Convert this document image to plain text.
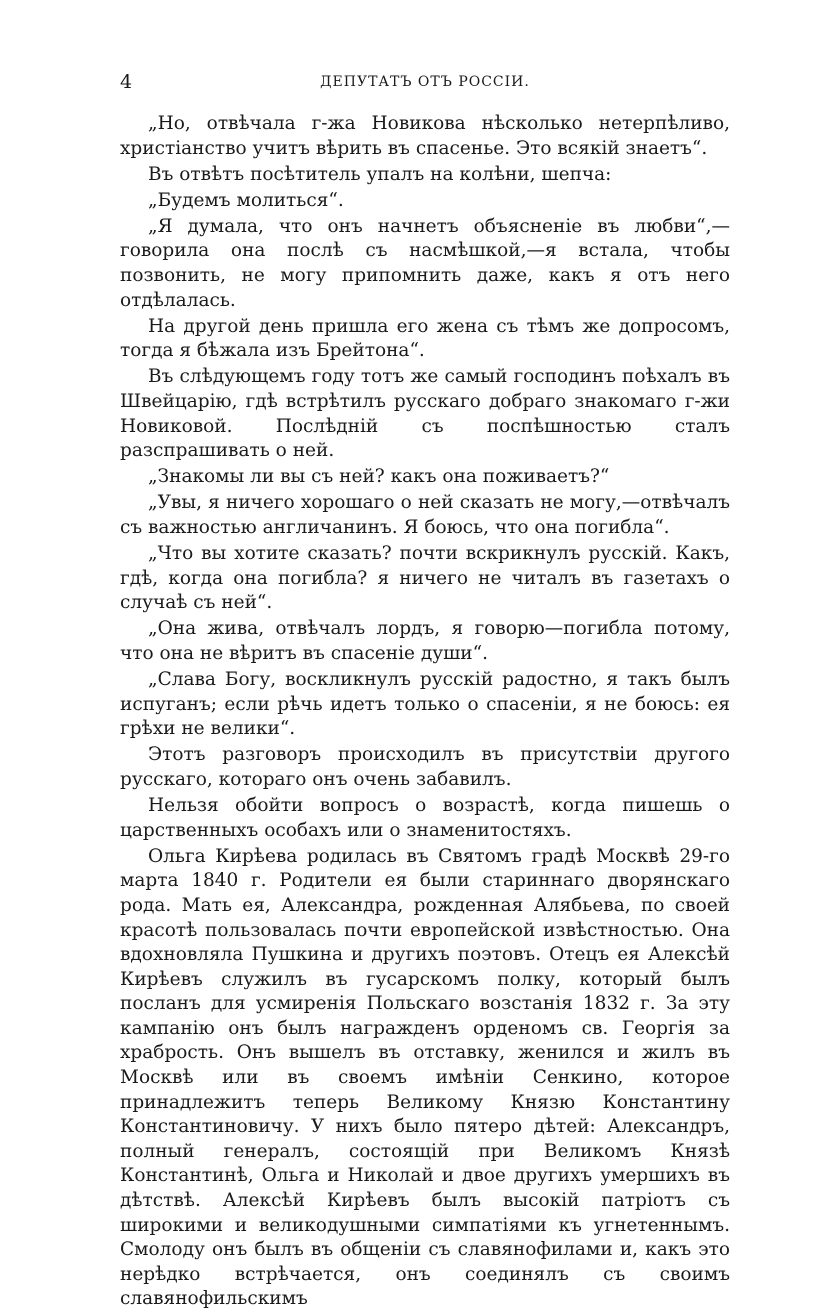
4	ДЕПУТАТЪ ОТЪ РОССІИ.

„Но, отвѣчала г-жа Новикова нѣсколько нетерпѣливо, христіанство учитъ вѣрить въ спасенье. Это всякій знаетъ“.

Въ отвѣтъ посѣтитель упалъ на колѣни, шепча:

„Будемъ молиться“.

„Я думала, что онъ начнетъ объясненіе въ любви“,—говорила она послѣ съ насмѣшкой,—я встала, чтобы позвонить, не могу припомнить даже, какъ я отъ него отдѣлалась.

На другой день пришла его жена съ тѣмъ же допросомъ, тогда я бѣжала изъ Брейтона“.

Въ слѣдующемъ году тотъ же самый господинъ поѣхалъ въ Швейцарію, гдѣ встрѣтилъ русскаго добраго знакомаго г-жи Новиковой. Послѣдній съ поспѣшностью сталъ разспрашивать о ней.

„Знакомы ли вы съ ней? какъ она поживаетъ?“

„Увы, я ничего хорошаго о ней сказать не могу,—отвѣчалъ съ важностью англичанинъ. Я боюсь, что она погибла“.

„Что вы хотите сказать? почти вскрикнулъ русскій. Какъ, гдѣ, когда она погибла? я ничего не читалъ въ газетахъ о случаѣ съ ней“.

„Она жива, отвѣчалъ лордъ, я говорю—погибла потому, что она не вѣритъ въ спасеніе души“.

„Слава Богу, воскликнулъ русскій радостно, я такъ былъ испуганъ; если рѣчь идетъ только о спасеніи, я не боюсь: ея грѣхи не велики“.

Этотъ разговоръ происходилъ въ присутствіи другого русскаго, котораго онъ очень забавилъ.

Нельзя обойти вопросъ о возрастѣ, когда пишешь о царственныхъ особахъ или о знаменитостяхъ.

Ольга Кирѣева родилась въ Святомъ градѣ Москвѣ 29-го марта 1840 г. Родители ея были стариннаго дворянскаго рода. Мать ея, Александра, рожденная Алябьева, по своей красотѣ пользовалась почти европейской извѣстностью. Она вдохновляла Пушкина и другихъ поэтовъ. Отецъ ея Алексѣй Кирѣевъ служилъ въ гусарскомъ полку, который былъ посланъ для усмиренія Польскаго возстанія 1832 г. За эту кампанію онъ былъ награжденъ орденомъ св. Георгія за храбрость. Онъ вышелъ въ отставку, женился и жилъ въ Москвѣ или въ своемъ имѣніи Сенкино, которое принадлежитъ теперь Великому Князю Константину Константиновичу. У нихъ было пятеро дѣтей: Александръ, полный генералъ, состоящій при Великомъ Князѣ Константинѣ, Ольга и Николай и двое другихъ умершихъ въ дѣтствѣ. Алексѣй Кирѣевъ былъ высокій патріотъ съ широкими и великодушными симпатіями къ угнетеннымъ. Смолоду онъ былъ въ общеніи съ славянофилами и, какъ это нерѣдко встрѣчается, онъ соединялъ съ своимъ славянофильскимъ
